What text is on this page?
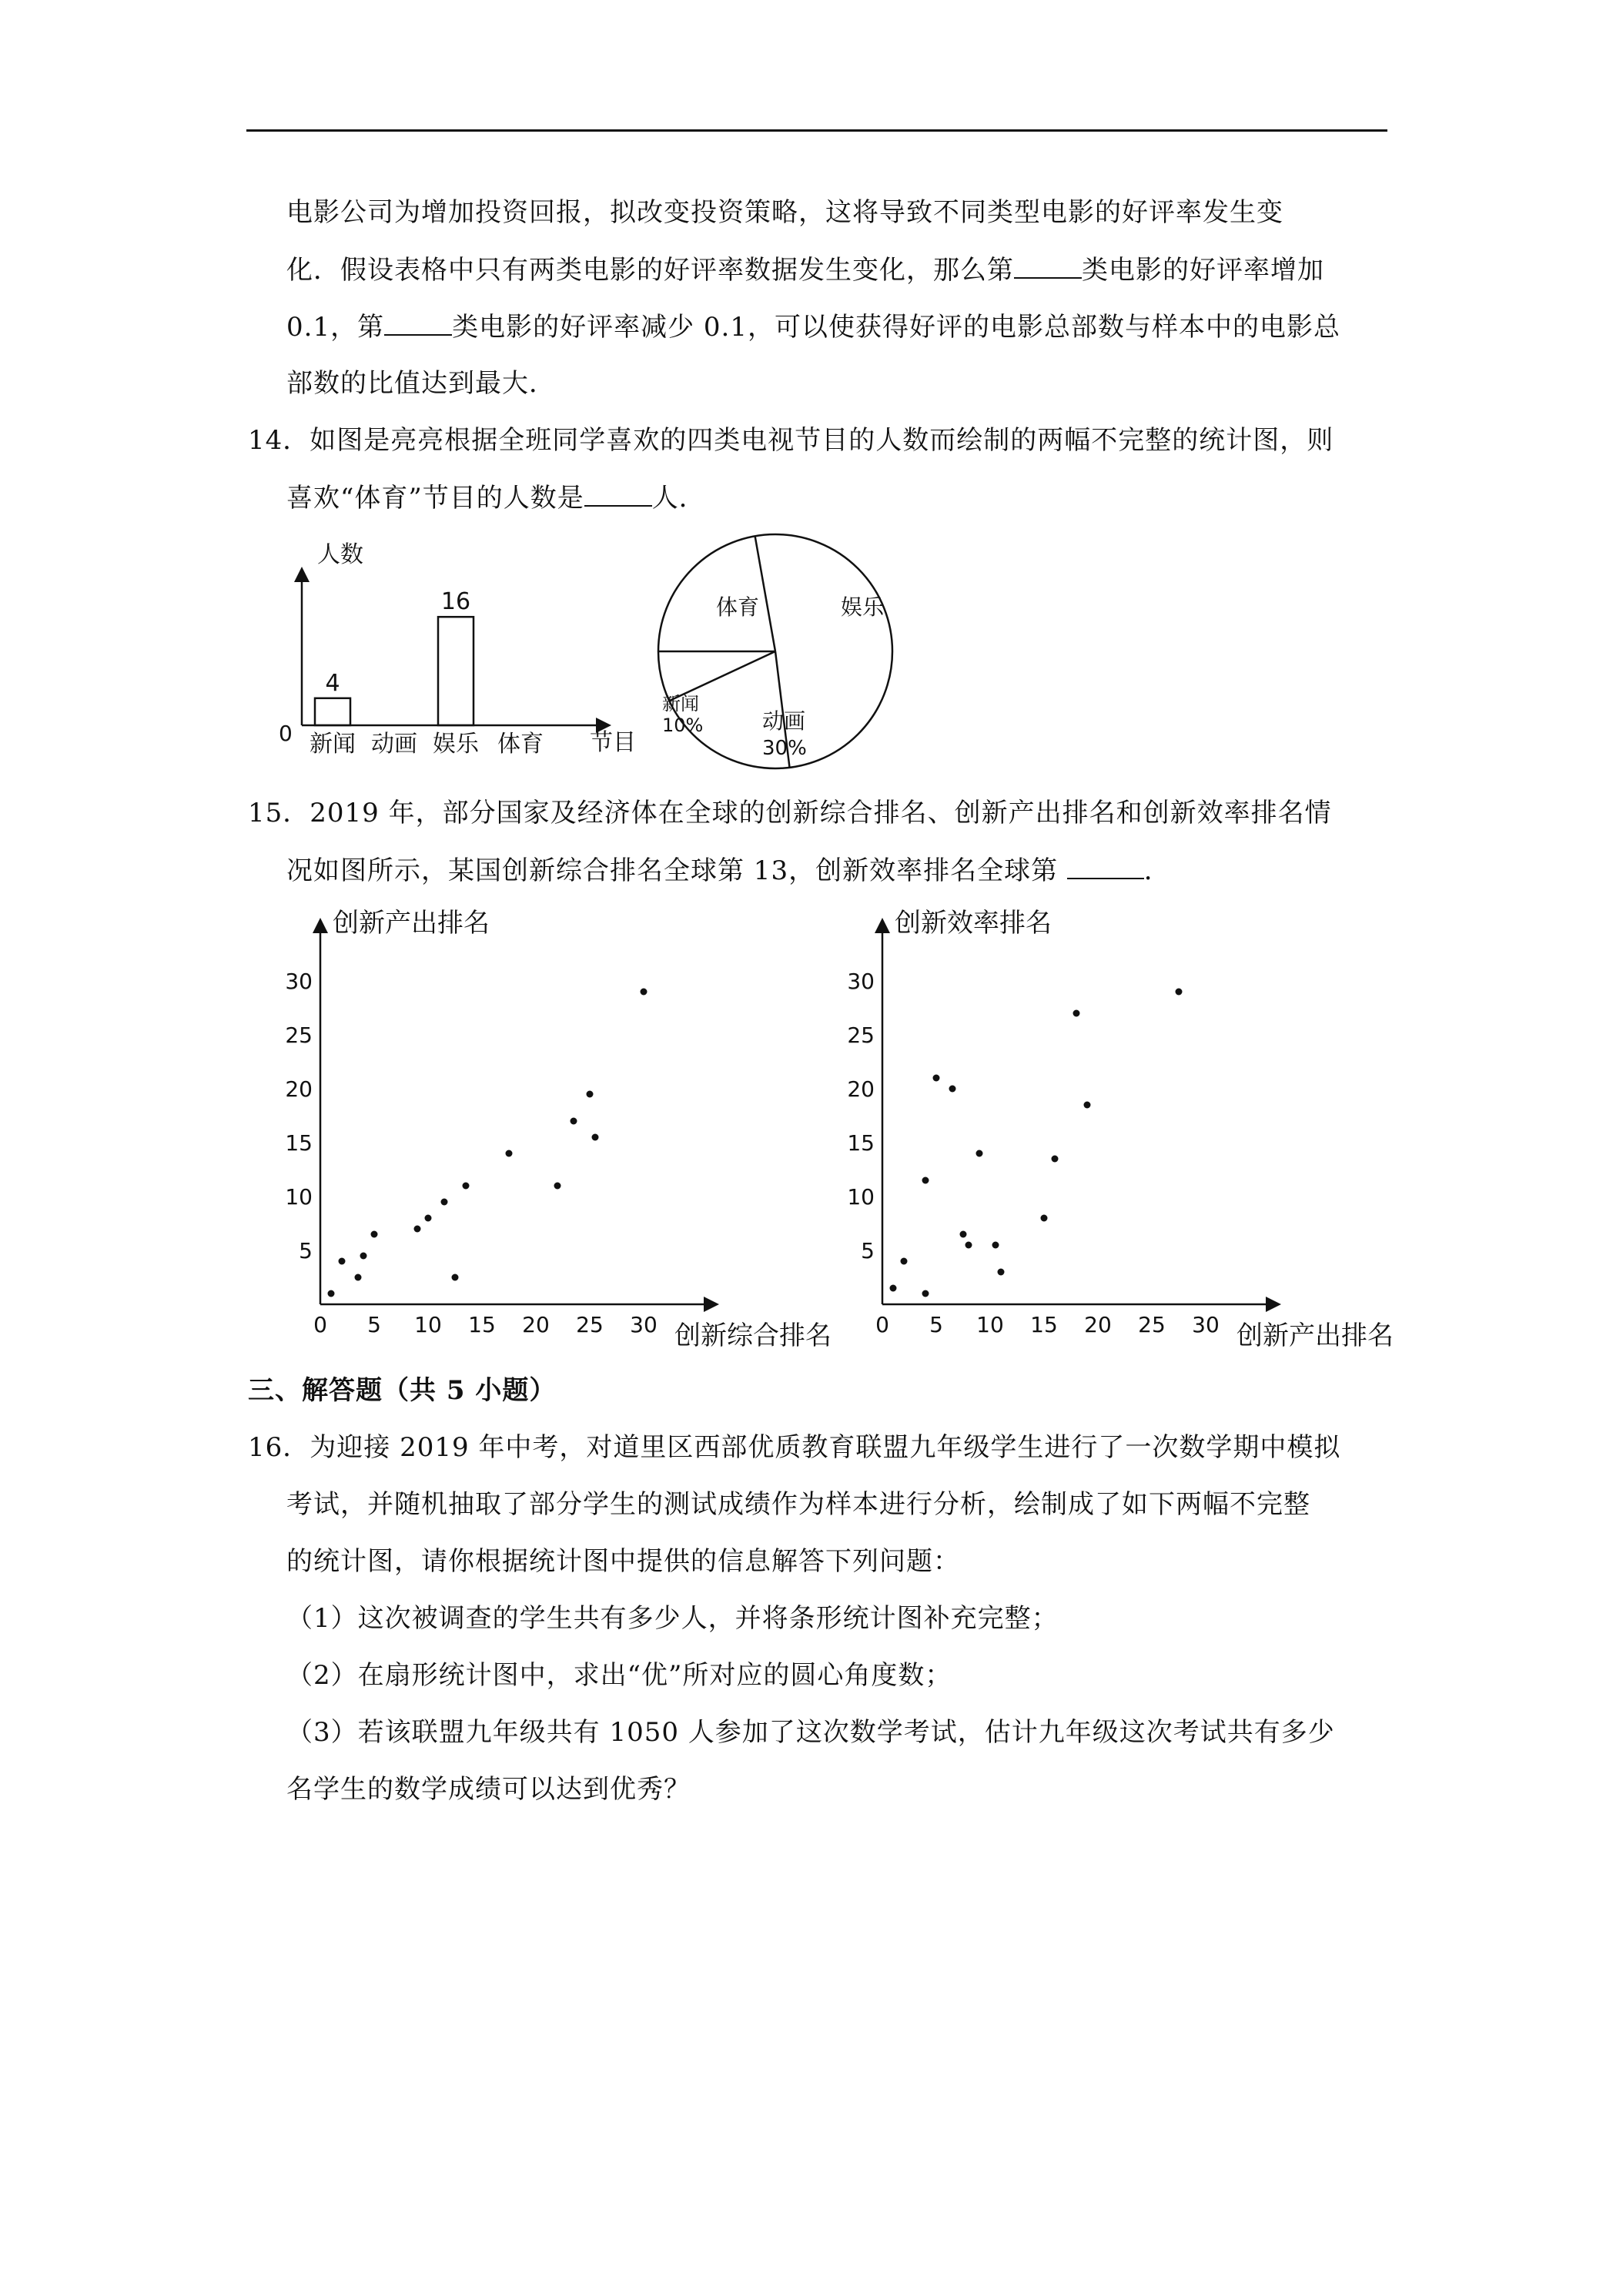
电影公司为增加投资回报，拟改变投资策略，这将导致不同类型电影的好评率发生变
化．假设表格中只有两类电影的好评率数据发生变化，那么第	类电影的好评率增加
0.1，第	类电影的好评率减少 0.1，可以使获得好评的电影总部数与样本中的电影总
部数的比值达到最大．
14．如图是亮亮根据全班同学喜欢的四类电视节目的人数而绘制的两幅不完整的统计图，则
喜欢“体育”节目的人数是	人．
人数
0	节目
4
新闻 动画
16
娱乐 体育
体育	娱乐
动画
30%
新闻
10%
15．2019 年，部分国家及经济体在全球的创新综合排名、创新产出排名和创新效率排名情
况如图所示，某国创新综合排名全球第 13，创新效率排名全球第	．
创新产出排名
创新综合排名
0 5 10 15 20 25 30
5
10
15
20
25
30
创新效率排名
创新产出排名
0 5 10 15 20 25 30
5
10
15
20
25
30
三、解答题（共 5 小题）
16．为迎接 2019 年中考，对道里区西部优质教育联盟九年级学生进行了一次数学期中模拟
考试，并随机抽取了部分学生的测试成绩作为样本进行分析，绘制成了如下两幅不完整
的统计图，请你根据统计图中提供的信息解答下列问题：
（1）这次被调查的学生共有多少人，并将条形统计图补充完整；
（2）在扇形统计图中，求出“优”所对应的圆心角度数；
（3）若该联盟九年级共有 1050 人参加了这次数学考试，估计九年级这次考试共有多少
名学生的数学成绩可以达到优秀？
